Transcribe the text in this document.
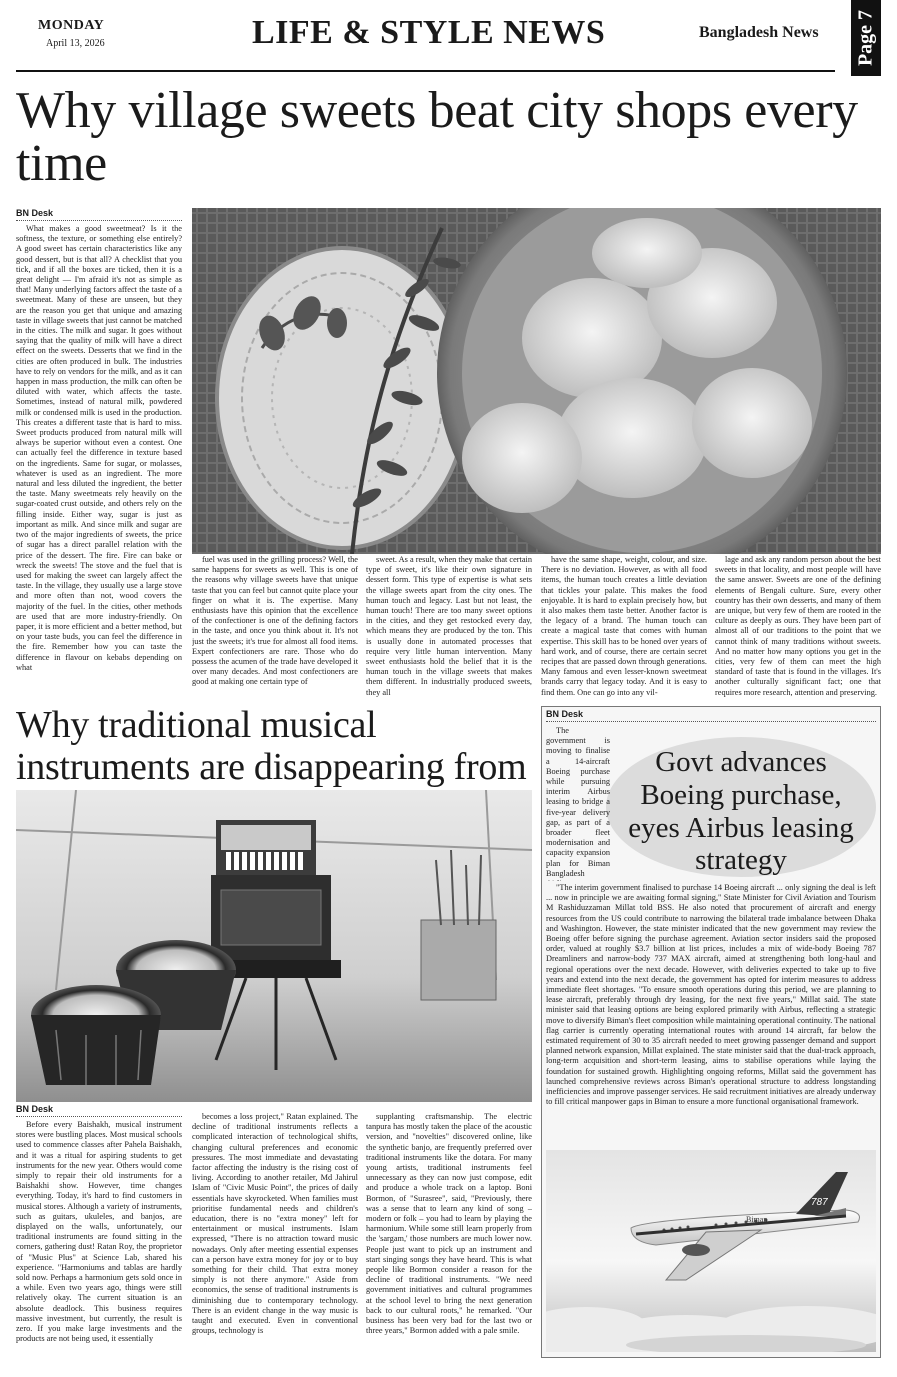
MONDAY
April 13, 2026	LIFE & STYLE NEWS	Bangladesh News Page 7
Why village sweets beat city shops every time
BN Desk

What makes a good sweetmeat? Is it the softness, the texture, or something else entirely? A good sweet has certain characteristics like any good dessert, but is that all? A checklist that you tick, and if all the boxes are ticked, then it is a great delight — I'm afraid it's not as simple as that! Many underlying factors affect the taste of a sweetmeat. Many of these are unseen, but they are the reason you get that unique and amazing taste in village sweets that just cannot be matched in the cities. The milk and sugar. It goes without saying that the quality of milk will have a direct effect on the sweets. Desserts that we find in the cities are often produced in bulk. The industries have to rely on vendors for the milk, and as it can happen in mass production, the milk can often be diluted with water, which affects the taste. Sometimes, instead of natural milk, powdered milk or condensed milk is used in the production. This creates a different taste that is hard to miss. Sweet products produced from natural milk will always be superior without even a contest. One can actually feel the difference in texture based on the ingredients. Same for sugar, or molasses, whatever is used as an ingredient. The more natural and less diluted the ingredient, the better the taste. Many sweetmeats rely heavily on the sugar-coated crust outside, and others rely on the filling inside. Either way, sugar is just as important as milk. And since milk and sugar are two of the major ingredients of sweets, the price of sugar has a direct parallel relation with the price of the dessert. The fire. Fire can bake or wreck the sweets! The stove and the fuel that is used for making the sweet can largely affect the taste. In the village, they usually use a large stove and more often than not, wood covers the majority of the fuel. In the cities, other methods are used that are more industry-friendly. On paper, it is more efficient and a better method, but on your taste buds, you can feel the difference in the fire. Remember how you can taste the difference in flavour on kebabs depending on what

fuel was used in the grilling process? Well, the same happens for sweets as well. This is one of the reasons why village sweets have that unique taste that you can feel but cannot quite place your finger on what it is. The expertise. Many enthusiasts have this opinion that the excellence of the confectioner is one of the defining factors in the taste, and once you think about it. It's not just the sweets; it's true for almost all food items. Expert confectioners are rare. Those who do possess the acumen of the trade have developed it over many decades. And most confectioners are good at making one certain type of

sweet. As a result, when they make that certain type of sweet, it's like their own signature in dessert form. This type of expertise is what sets the village sweets apart from the city ones. The human touch and legacy. Last but not least, the human touch! There are too many sweet options in the cities, and they get restocked every day, which means they are produced by the ton. This is usually done in automated processes that require very little human intervention. Many sweet enthusiasts hold the belief that it is the human touch in the village sweets that makes them different. In industrially produced sweets, they all

have the same shape, weight, colour, and size. There is no deviation. However, as with all food items, the human touch creates a little deviation that tickles your palate. This makes the food enjoyable. It is hard to explain precisely how, but it also makes them taste better. Another factor is the legacy of a brand. The human touch can create a magical taste that comes with human expertise. This skill has to be honed over years of hard work, and of course, there are certain secret recipes that are passed down through generations. Many famous and even lesser-known sweetmeat brands carry that legacy today. And it is easy to find them. One can go into any vil-

lage and ask any random person about the best sweets in that locality, and most people will have the same answer. Sweets are one of the defining elements of Bengali culture. Sure, every other country has their own desserts, and many of them are unique, but very few of them are rooted in the culture as deeply as ours. They have been part of almost all of our traditions to the point that we cannot think of many traditions without sweets. And no matter how many options you get in the cities, very few of them can meet the high standard of taste that is found in the villages. It's another culturally significant fact; one that requires more research, attention and preserving.

Why traditional musical instruments are disappearing from
BN Desk

Before every Baishakh, musical instrument stores were bustling places. Most musical schools used to commence classes after Pahela Baishakh, and it was a ritual for aspiring students to get instruments for the new year. Others would come simply to repair their old instruments for a Baishakhi show. However, time changes everything. Today, it's hard to find customers in musical stores. Although a variety of instruments, such as guitars, ukuleles, and banjos, are displayed on the walls, unfortunately, our traditional instruments are found sitting in the corners, gathering dust! Ratan Roy, the proprietor of "Music Plus" at Science Lab, shared his experience. "Harmoniums and tablas are hardly sold now. Perhaps a harmonium gets sold once in a while. Even two years ago, things were still relatively okay. The current situation is an absolute deadlock. This business requires massive investment, but currently, the result is zero. If you make large investments and the products are not being used, it essentially

becomes a loss project," Ratan explained. The decline of traditional instruments reflects a complicated interaction of technological shifts, changing cultural preferences and economic pressures. The most immediate and devastating factor affecting the industry is the rising cost of living. According to another retailer, Md Jahirul Islam of "Civic Music Point", the prices of daily essentials have skyrocketed. When families must prioritise fundamental needs and children's education, there is no "extra money" left for entertainment or musical instruments. Islam expressed, "There is no attraction toward music nowadays. Only after meeting essential expenses can a person have extra money for joy or to buy something for their child. That extra money simply is not there anymore." Aside from economics, the sense of traditional instruments is diminishing due to contemporary technology. There is an evident change in the way music is taught and executed. Even in conventional groups, technology is

supplanting craftsmanship. The electric tanpura has mostly taken the place of the acoustic version, and "novelties" discovered online, like the synthetic banjo, are frequently preferred over traditional instruments like the dotara. For many young artists, traditional instruments feel unnecessary as they can now just compose, edit and produce a whole track on a laptop. Boni Bormon, of "Surasree", said, "Previously, there was a sense that to learn any kind of song – modern or folk – you had to learn by playing the harmonium. While some still learn properly from the 'sargam,' those numbers are much lower now. People just want to pick up an instrument and start singing songs they have heard. This is what people like Bormon consider a reason for the decline of traditional instruments. "We need government initiatives and cultural programmes at the school level to bring the next generation back to our cultural roots," he remarked. "Our business has been very bad for the last two or three years," Bormon added with a pale smile.

BN Desk
Govt advances Boeing purchase, eyes Airbus leasing strategy

The government is moving to finalise a 14-aircraft Boeing purchase while pursuing interim Airbus leasing to bridge a five-year delivery gap, as part of a broader fleet modernisation and capacity expansion plan for Biman Bangladesh

"The interim government finalised to purchase 14 Boeing aircraft ... only signing the deal is left ... now in principle we are awaiting formal signing," State Minister for Civil Aviation and Tourism M Rashiduzzaman Millat told BSS. He also noted that procurement of aircraft and energy resources from the US could contribute to narrowing the bilateral trade imbalance between Dhaka and Washington. However, the state minister indicated that the new government may review the Boeing offer before signing the purchase agreement. Aviation sector insiders said the proposed order, valued at roughly $3.7 billion at list prices, includes a mix of wide-body Boeing 787 Dreamliners and narrow-body 737 MAX aircraft, aimed at strengthening both long-haul and regional operations over the next decade. However, with deliveries expected to take up to five years and extend into the next decade, the government has opted for interim measures to address immediate fleet shortages. "To ensure smooth operations during this period, we are planning to lease aircraft, preferably through dry leasing, for the next five years," Millat said. The state minister said that leasing options are being explored primarily with Airbus, reflecting a strategic move to diversify Biman's fleet composition while maintaining operational continuity. The national flag carrier is currently operating international routes with around 14 aircraft, far below the estimated requirement of 30 to 35 aircraft needed to meet growing passenger demand and support planned network expansion, Millat explained. The state minister said that the dual-track approach, long-term acquisition and short-term leasing, aims to stabilise operations while laying the foundation for sustained growth. Highlighting ongoing reforms, Millat said the government has launched comprehensive reviews across Biman's operational structure to address longstanding inefficiencies and improve passenger services. He said recruitment initiatives are already underway to fill critical manpower gaps in Biman to ensure a more functional organisational framework.

Biman
787
